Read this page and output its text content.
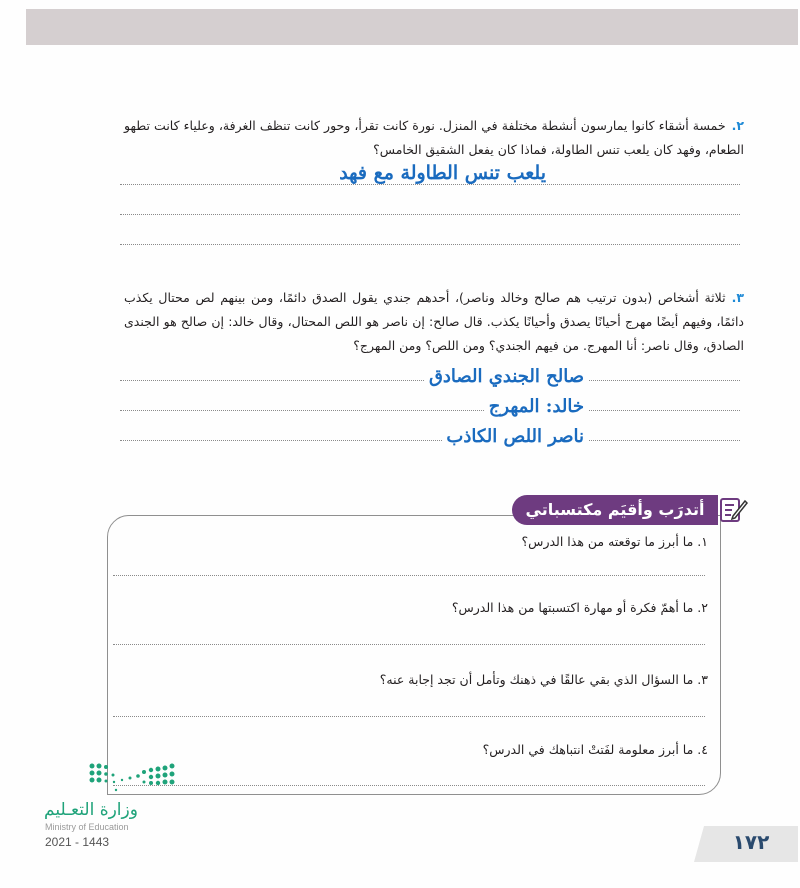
٢.خمسة أشقاء كانوا يمارسون أنشطة مختلفة في المنزل. نورة كانت تقرأ، وحور كانت تنظف الغرفة، وعلياء كانت تطهو الطعام، وفهد كان يلعب تنس الطاولة، فماذا كان يفعل الشقيق الخامس؟
يلعب تنس الطاولة مع فهد
٣.ثلاثة أشخاص (بدون ترتيب هم صالح وخالد وناصر)، أحدهم جندي يقول الصدق دائمًا، ومن بينهم لص محتال يكذب دائمًا، وفيهم أيضًا مهرج أحيانًا يصدق وأحيانًا يكذب. قال صالح: إن ناصر هو اللص المحتال، وقال خالد: إن صالح هو الجندى الصادق، وقال ناصر: أنا المهرج. من فيهم الجندي؟ ومن اللص؟ ومن المهرج؟
صالح الجندي الصادق
خالد: المهرج
ناصر اللص الكاذب
أتدرَب وأقيَم مكتسباتي
١. ما أبرز ما توقعته من هذا الدرس؟
٢. ما أهمّ فكرة أو مهارة اكتسبتها من هذا الدرس؟
٣. ما السؤال الذي بقي عالقًا في ذهنك وتأمل أن تجد إجابة عنه؟
٤. ما أبرز معلومة لفَتتْ انتباهك في الدرس؟
وزارة التعـليم
Ministry of Education
2021 - 1443	١٧٢
